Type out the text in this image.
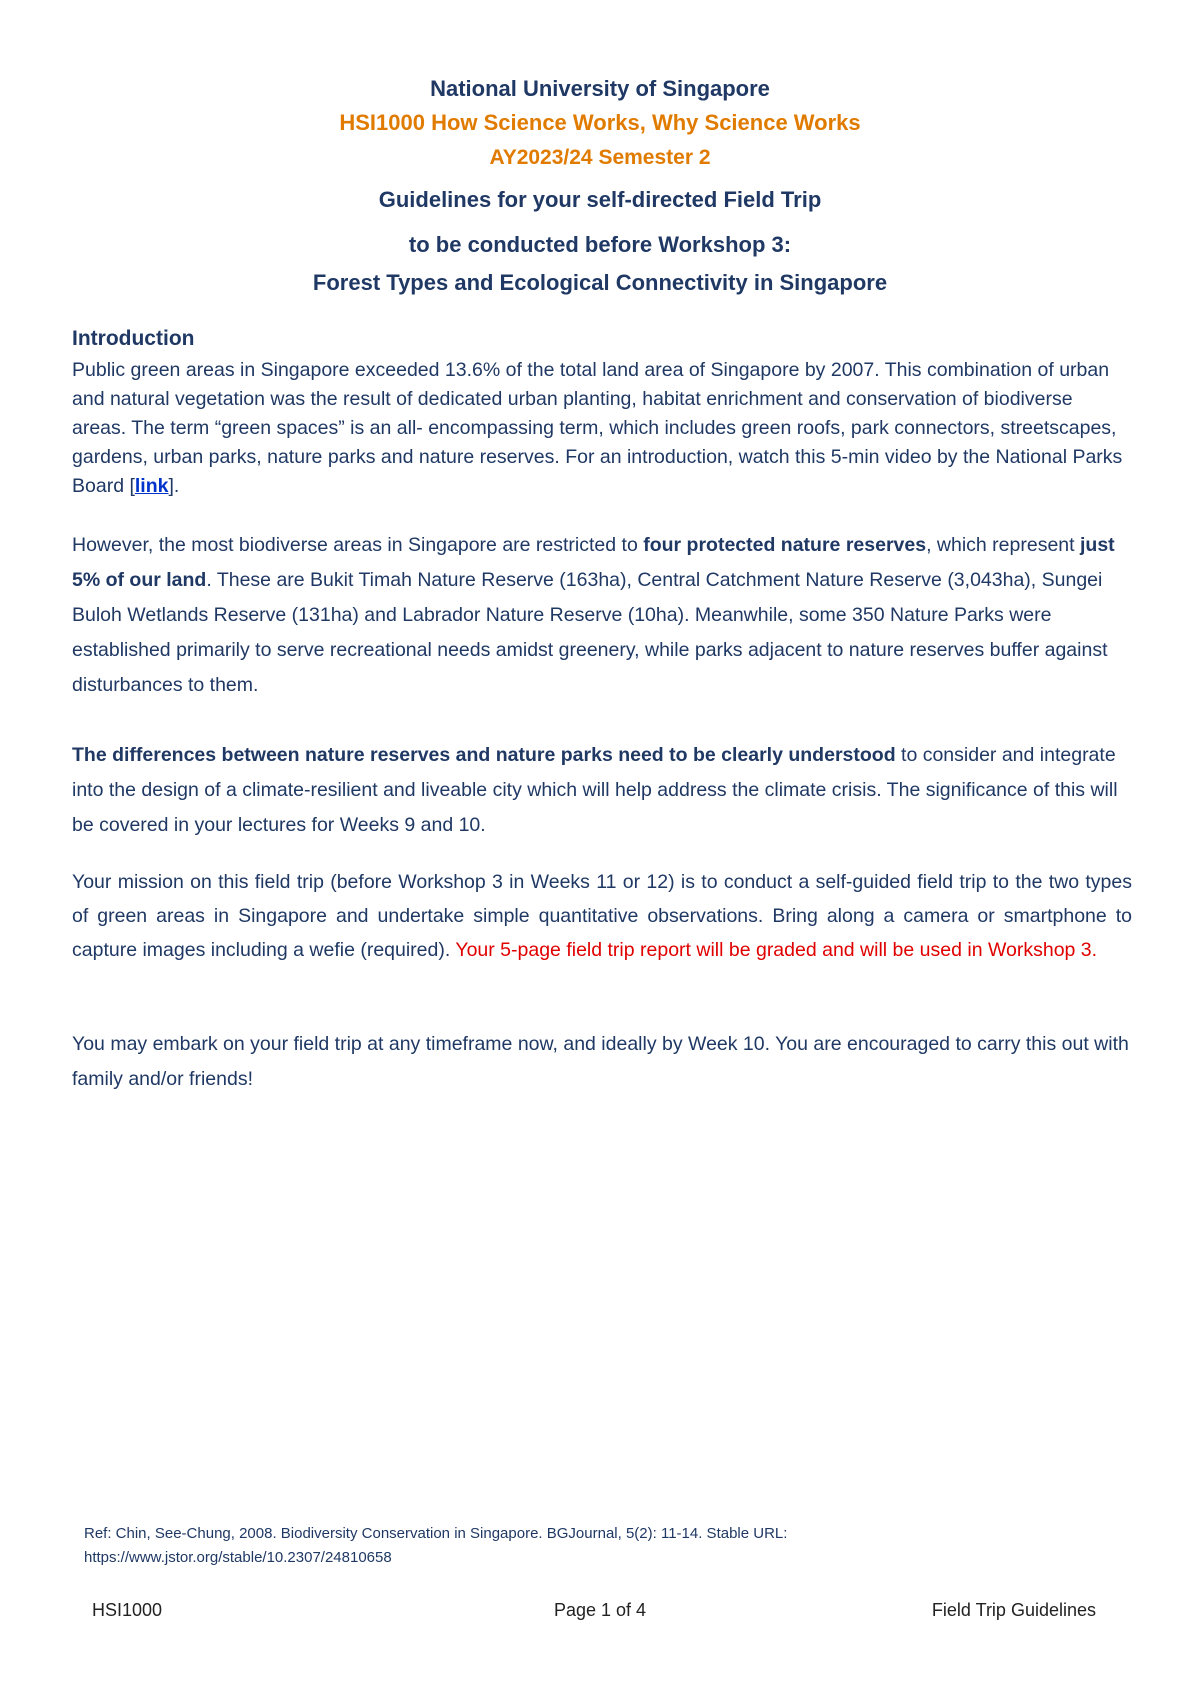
National University of Singapore
HSI1000 How Science Works, Why Science Works
AY2023/24 Semester 2
Guidelines for your self-directed Field Trip
to be conducted before Workshop 3:
Forest Types and Ecological Connectivity in Singapore
Introduction
Public green areas in Singapore exceeded 13.6% of the total land area of Singapore by 2007. This combination of urban and natural vegetation was the result of dedicated urban planting, habitat enrichment and conservation of biodiverse areas. The term “green spaces” is an all- encompassing term, which includes green roofs, park connectors, streetscapes, gardens, urban parks, nature parks and nature reserves. For an introduction, watch this 5-min video by the National Parks Board [link].
However, the most biodiverse areas in Singapore are restricted to four protected nature reserves, which represent just 5% of our land. These are Bukit Timah Nature Reserve (163ha), Central Catchment Nature Reserve (3,043ha), Sungei Buloh Wetlands Reserve (131ha) and Labrador Nature Reserve (10ha). Meanwhile, some 350 Nature Parks were established primarily to serve recreational needs amidst greenery, while parks adjacent to nature reserves buffer against disturbances to them.
The differences between nature reserves and nature parks need to be clearly understood to consider and integrate into the design of a climate-resilient and liveable city which will help address the climate crisis. The significance of this will be covered in your lectures for Weeks 9 and 10.
Your mission on this field trip (before Workshop 3 in Weeks 11 or 12) is to conduct a self-guided field trip to the two types of green areas in Singapore and undertake simple quantitative observations. Bring along a camera or smartphone to capture images including a wefie (required). Your 5-page field trip report will be graded and will be used in Workshop 3.
You may embark on your field trip at any timeframe now, and ideally by Week 10. You are encouraged to carry this out with family and/or friends!
Ref: Chin, See-Chung, 2008. Biodiversity Conservation in Singapore. BGJournal, 5(2): 11-14. Stable URL: https://www.jstor.org/stable/10.2307/24810658
HSI1000	Page 1 of 4	Field Trip Guidelines
